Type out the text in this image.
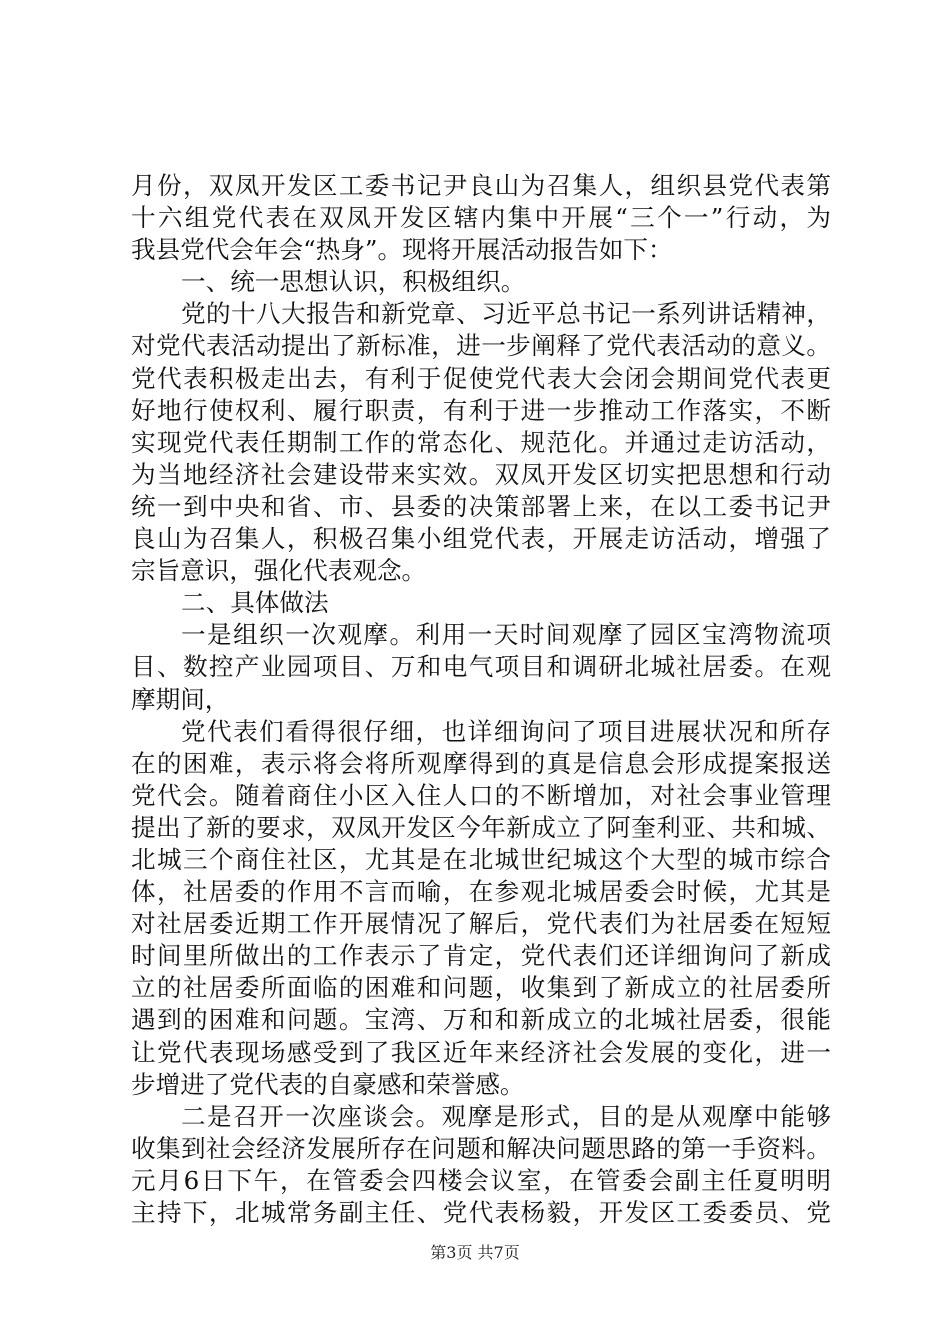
月份，双凤开发区工委书记尹良山为召集人，组织县党代表第
十六组党代表在双凤开发区辖内集中开展“三个一”行动，为
我县党代会年会“热身”。现将开展活动报告如下：
一、统一思想认识，积极组织。
党的十八大报告和新党章、习近平总书记一系列讲话精神，
对党代表活动提出了新标准，进一步阐释了党代表活动的意义。
党代表积极走出去，有利于促使党代表大会闭会期间党代表更
好地行使权利、履行职责，有利于进一步推动工作落实，不断
实现党代表任期制工作的常态化、规范化。并通过走访活动，
为当地经济社会建设带来实效。双凤开发区切实把思想和行动
统一到中央和省、市、县委的决策部署上来，在以工委书记尹
良山为召集人，积极召集小组党代表，开展走访活动，增强了
宗旨意识，强化代表观念。
二、具体做法
一是组织一次观摩。利用一天时间观摩了园区宝湾物流项
目、数控产业园项目、万和电气项目和调研北城社居委。在观
摩期间，
党代表们看得很仔细，也详细询问了项目进展状况和所存
在的困难，表示将会将所观摩得到的真是信息会形成提案报送
党代会。随着商住小区入住人口的不断增加，对社会事业管理
提出了新的要求，双凤开发区今年新成立了阿奎利亚、共和城、
北城三个商住社区，尤其是在北城世纪城这个大型的城市综合
体，社居委的作用不言而喻，在参观北城居委会时候，尤其是
对社居委近期工作开展情况了解后，党代表们为社居委在短短
时间里所做出的工作表示了肯定，党代表们还详细询问了新成
立的社居委所面临的困难和问题，收集到了新成立的社居委所
遇到的困难和问题。宝湾、万和和新成立的北城社居委，很能
让党代表现场感受到了我区近年来经济社会发展的变化，进一
步增进了党代表的自豪感和荣誉感。
二是召开一次座谈会。观摩是形式，目的是从观摩中能够
收集到社会经济发展所存在问题和解决问题思路的第一手资料。
元月6日下午，在管委会四楼会议室，在管委会副主任夏明明
主持下，北城常务副主任、党代表杨毅，开发区工委委员、党
第3页 共7页
